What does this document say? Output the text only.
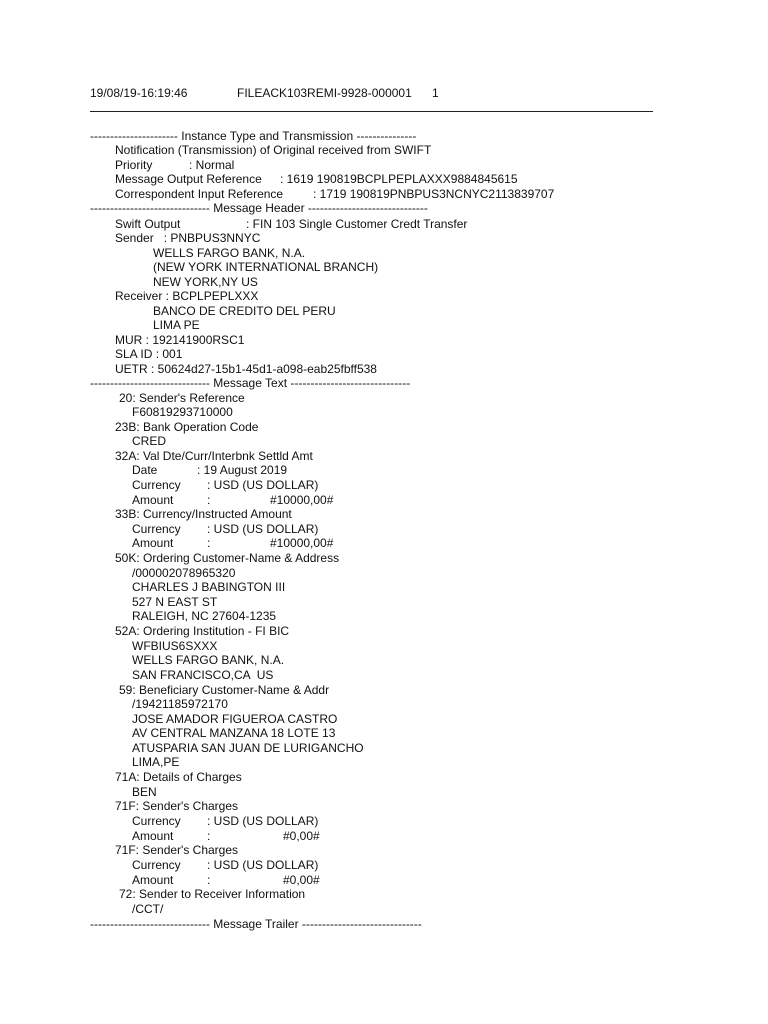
19/08/19-16:19:46	FILEACK103REMI-9928-000001 1
---------------------- Instance Type and Transmission ---------------
Notification (Transmission) of Original received from SWIFT
Priority	: Normal
Message Output Reference : 1619 190819BCPLPEPLAXXX9884845615
Correspondent Input Reference : 1719 190819PNBPUS3NCNYC2113839707
------------------------------ Message Header ------------------------------
Swift Output	: FIN 103 Single Customer Credt Transfer
Sender   : PNBPUS3NNYC
WELLS FARGO BANK, N.A.
(NEW YORK INTERNATIONAL BRANCH)
NEW YORK,NY US
Receiver : BCPLPEPLXXX
BANCO DE CREDITO DEL PERU
LIMA PE
MUR : 192141900RSC1
SLA ID : 001
UETR : 50624d27-15b1-45d1-a098-eab25fbff538
------------------------------ Message Text ------------------------------
20: Sender's Reference
F60819293710000
23B: Bank Operation Code
CRED
32A: Val Dte/Curr/Interbnk Settld Amt
Date	: 19 August 2019
Currency : USD (US DOLLAR)
Amount	:	#10000,00#
33B: Currency/Instructed Amount
Currency : USD (US DOLLAR)
Amount	:	#10000,00#
50K: Ordering Customer-Name & Address
/000002078965320
CHARLES J BABINGTON III
527 N EAST ST
RALEIGH, NC 27604-1235
52A: Ordering Institution - FI BIC
WFBIUS6SXXX
WELLS FARGO BANK, N.A.
SAN FRANCISCO,CA  US
59: Beneficiary Customer-Name & Addr
/19421185972170
JOSE AMADOR FIGUEROA CASTRO
AV CENTRAL MANZANA 18 LOTE 13
ATUSPARIA SAN JUAN DE LURIGANCHO
LIMA,PE
71A: Details of Charges
BEN
71F: Sender's Charges
Currency : USD (US DOLLAR)
Amount	:	#0,00#
71F: Sender's Charges
Currency : USD (US DOLLAR)
Amount	:	#0,00#
72: Sender to Receiver Information
/CCT/
------------------------------ Message Trailer ------------------------------
